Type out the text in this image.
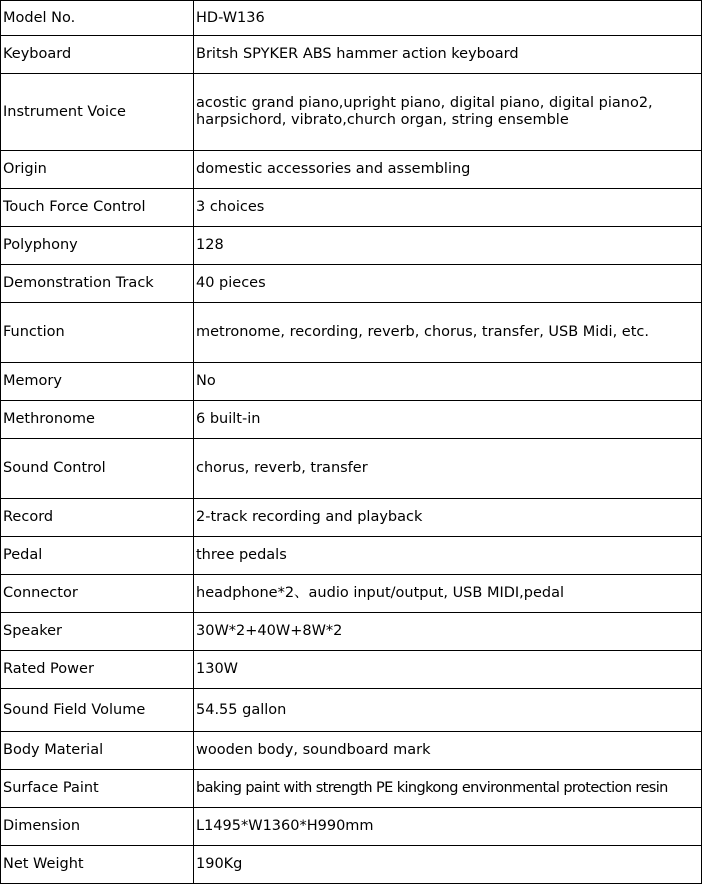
Model No.	HD-W136
Keyboard	Britsh SPYKER ABS hammer action keyboard
Instrument Voice	acostic grand piano,upright piano, digital piano, digital piano2, harpsichord, vibrato,church organ, string ensemble
Origin	domestic accessories and assembling
Touch Force Control	3 choices
Polyphony	128
Demonstration Track	40 pieces
Function	metronome, recording, reverb, chorus, transfer, USB Midi, etc.
Memory	No
Methronome	6 built-in
Sound Control	chorus, reverb, transfer
Record	2-track recording and playback
Pedal	three pedals
Connector	headphone*2、audio input/output, USB MIDI,pedal
Speaker	30W*2+40W+8W*2
Rated Power	130W
Sound Field Volume	54.55 gallon
Body Material	wooden body, soundboard mark
Surface Paint	baking paint with strength PE kingkong environmental protection resin
Dimension	L1495*W1360*H990mm
Net Weight	190Kg
